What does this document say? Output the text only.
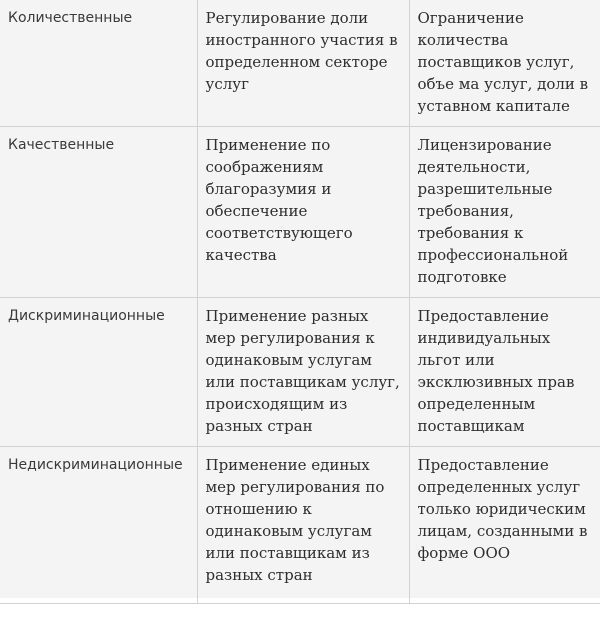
Количественные	Регулирование доли иностранного участия в определенном секторе услуг	Ограничение количества поставщиков услуг, объе ма услуг, доли в уставном капитале
Качественные	Применение по соображениям благоразумия и обеспечение соответствующего качества	Лицензирование деятельности, разрешительные требования, требования к профессиональной подготовке
Дискриминационные	Применение разных мер регулирования к одинаковым услугам или поставщикам услуг, происходящим из разных стран	Предоставление индивидуальных льгот или эксклюзивных прав определенным поставщикам
Недискриминационные	Применение единых мер регулирования по отношению к одинаковым услугам или поставщикам из разных стран	Предоставление определенных услуг только юридическим лицам, созданными в форме ООО
